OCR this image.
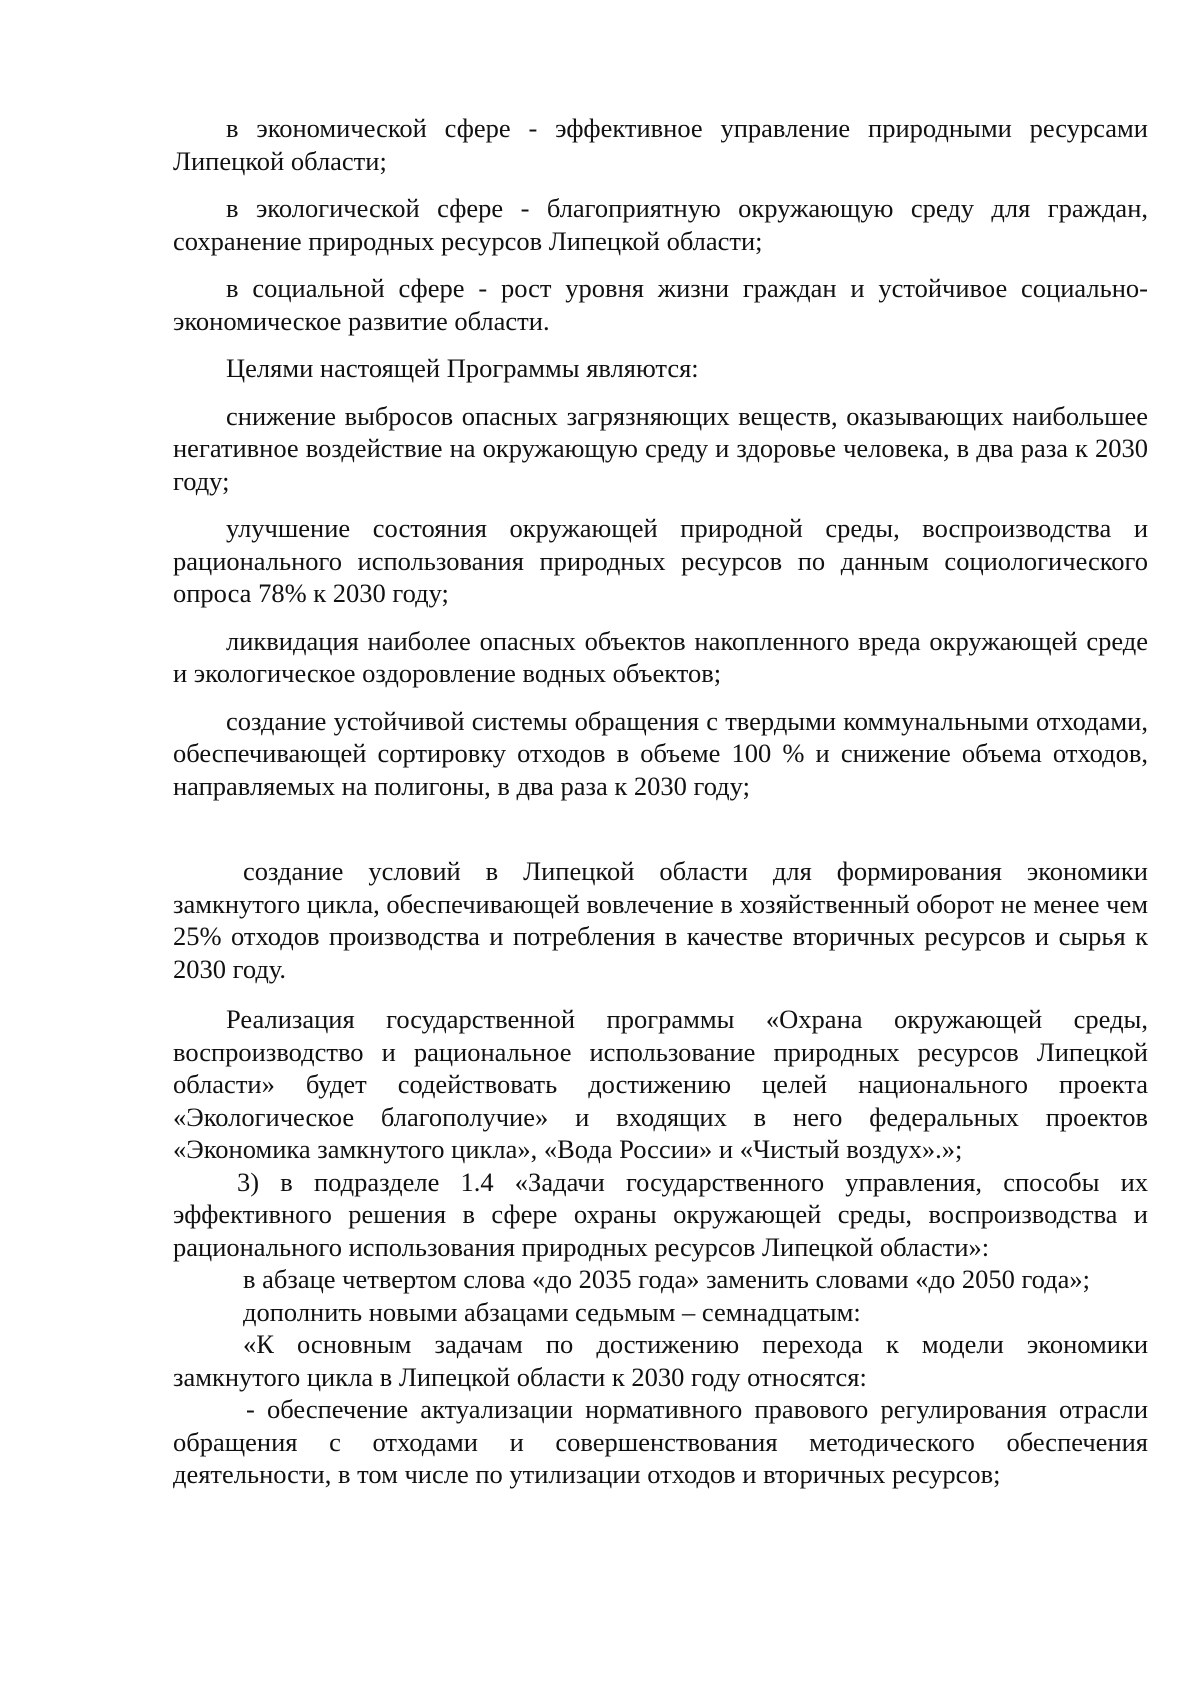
в экономической сфере - эффективное управление природными ресурсами Липецкой области;

в экологической сфере - благоприятную окружающую среду для граждан, сохранение природных ресурсов Липецкой области;

в социальной сфере - рост уровня жизни граждан и устойчивое социально-экономическое развитие области.

Целями настоящей Программы являются:

снижение выбросов опасных загрязняющих веществ, оказывающих наибольшее негативное воздействие на окружающую среду и здоровье человека, в два раза к 2030 году;

улучшение состояния окружающей природной среды, воспроизводства и рационального использования природных ресурсов по данным социологического опроса 78% к 2030 году;

ликвидация наиболее опасных объектов накопленного вреда окружающей среде и экологическое оздоровление водных объектов;

создание устойчивой системы обращения с твердыми коммунальными отходами, обеспечивающей сортировку отходов в объеме 100 % и снижение объема отходов, направляемых на полигоны, в два раза к 2030 году;

создание условий в Липецкой области для формирования экономики замкнутого цикла, обеспечивающей вовлечение в хозяйственный оборот не менее чем 25% отходов производства и потребления в качестве вторичных ресурсов и сырья к 2030 году.

Реализация государственной программы «Охрана окружающей среды, воспроизводство и рациональное использование природных ресурсов Липецкой области» будет содействовать достижению целей национального проекта «Экологическое благополучие» и входящих в него федеральных проектов «Экономика замкнутого цикла», «Вода России» и «Чистый воздух».»;

3) в подразделе 1.4 «Задачи государственного управления, способы их эффективного решения в сфере охраны окружающей среды, воспроизводства и рационального использования природных ресурсов Липецкой области»:

в абзаце четвертом слова «до 2035 года» заменить словами «до 2050 года»;

дополнить новыми абзацами седьмым – семнадцатым:

«К основным задачам по достижению перехода к модели экономики замкнутого цикла в Липецкой области к 2030 году относятся:

- обеспечение актуализации нормативного правового регулирования отрасли обращения с отходами и совершенствования методического обеспечения деятельности, в том числе по утилизации отходов и вторичных ресурсов;
